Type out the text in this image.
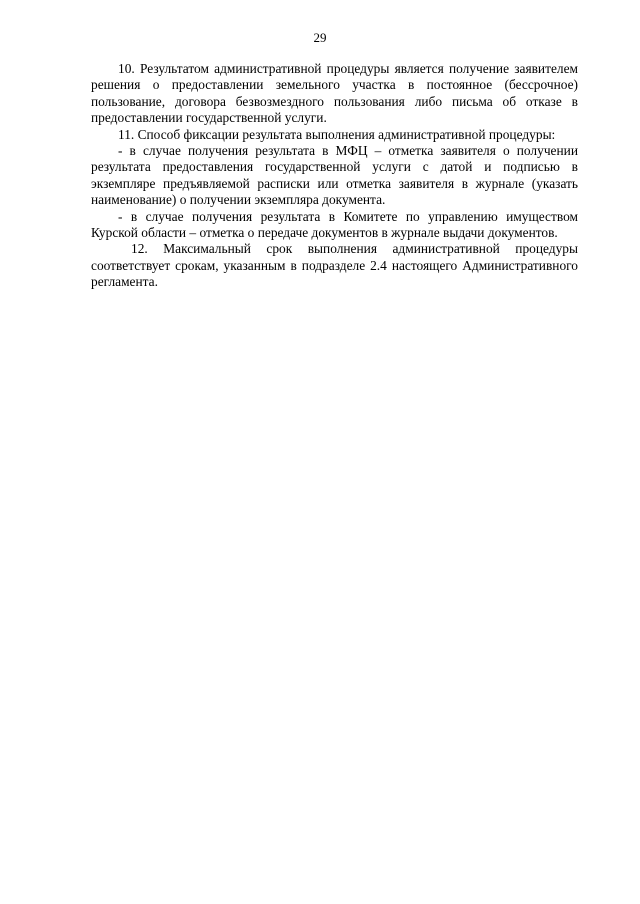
29

10. Результатом административной процедуры является получение заявителем решения о предоставлении земельного участка в постоянное (бессрочное) пользование, договора безвозмездного пользования либо письма об отказе в предоставлении государственной услуги.

11. Способ фиксации результата выполнения административной процедуры:

- в случае получения результата в МФЦ – отметка заявителя о получении результата предоставления государственной услуги с датой и подписью в экземпляре предъявляемой расписки или отметка заявителя в журнале (указать наименование) о получении экземпляра документа.

- в случае получения результата в Комитете по управлению имуществом Курской области – отметка о передаче документов в журнале выдачи документов.

12. Максимальный срок выполнения административной процедуры соответствует срокам, указанным в подразделе 2.4 настоящего Административного регламента.
